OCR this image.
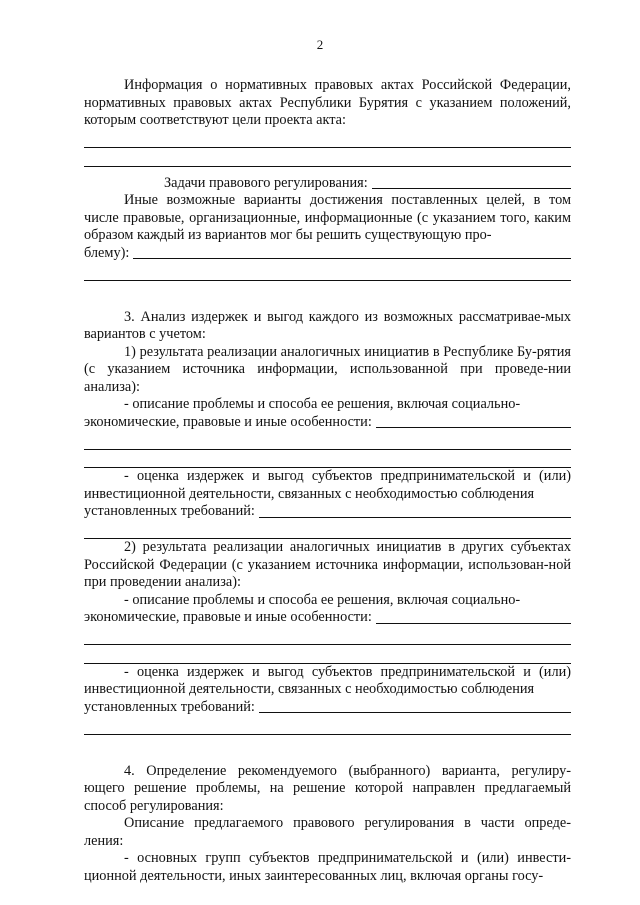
2

Информация о нормативных правовых актах Российской Федерации, нормативных правовых актах Республики Бурятия с указанием положений, которым соответствуют цели проекта акта:

Задачи правового регулирования:

Иные возможные варианты достижения поставленных целей, в том числе правовые, организационные, информационные (с указанием того, каким образом каждый из вариантов мог бы решить существующую про-

блему):

3. Анализ издержек и выгод каждого из возможных рассматривае-мых вариантов с учетом:

1) результата реализации аналогичных инициатив в Республике Бу-рятия (с указанием источника информации, использованной при проведе-нии анализа):

- описание проблемы и способа ее решения, включая социально-

экономические, правовые и иные особенности:

- оценка издержек и выгод субъектов предпринимательской и (или) инвестиционной деятельности, связанных с необходимостью соблюдения

установленных требований:

2) результата реализации аналогичных инициатив в других субъектах Российской Федерации (с указанием источника информации, использован-ной при проведении анализа):

- описание проблемы и способа ее решения, включая социально-

экономические, правовые и иные особенности:

- оценка издержек и выгод субъектов предпринимательской и (или) инвестиционной деятельности, связанных с необходимостью соблюдения

установленных требований:

4. Определение рекомендуемого (выбранного) варианта, регулиру-ющего решение проблемы, на решение которой направлен предлагаемый способ регулирования:

Описание предлагаемого правового регулирования в части опреде-ления:

- основных групп субъектов предпринимательской и (или) инвести-ционной деятельности, иных заинтересованных лиц, включая органы госу-
